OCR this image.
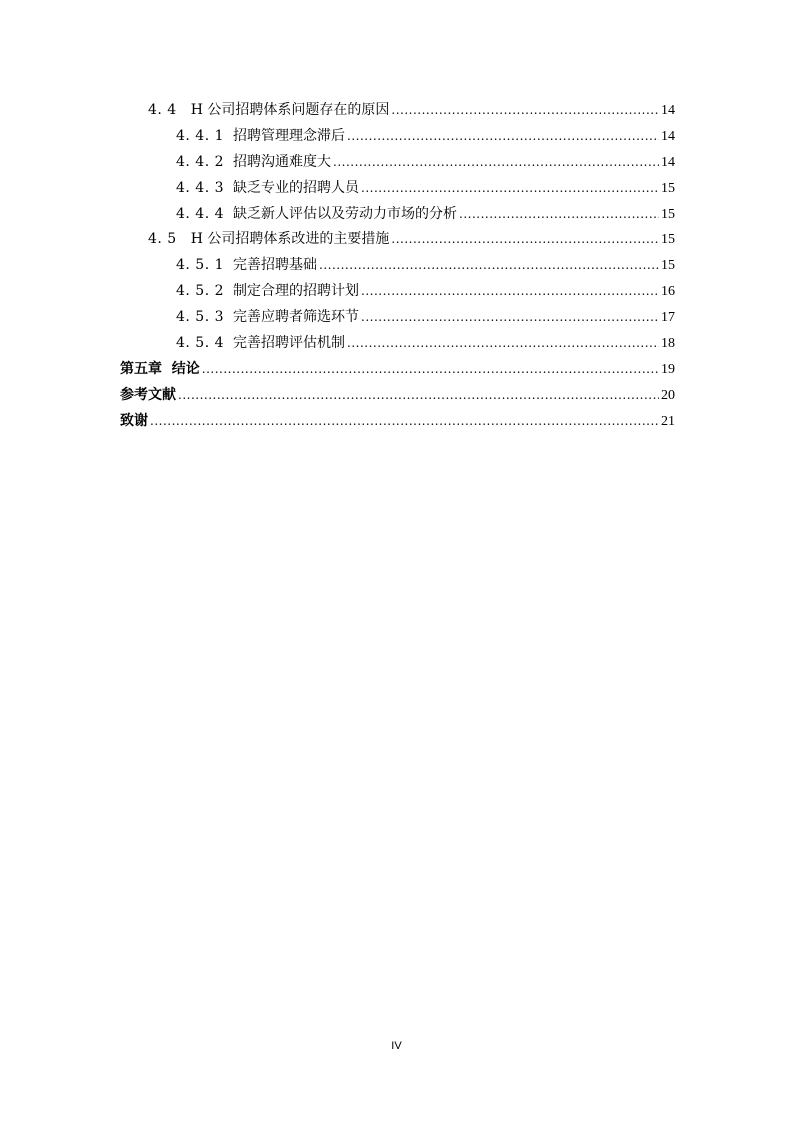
4. 4 H 公司招聘体系问题存在的原因 .....	14
4. 4. 1 招聘管理理念滞后 .....	14
4. 4. 2 招聘沟通难度大 .....	14
4. 4. 3 缺乏专业的招聘人员 .....	15
4. 4. 4 缺乏新人评估以及劳动力市场的分析 .....	15
4. 5 H 公司招聘体系改进的主要措施 .....	15
4. 5. 1 完善招聘基础 .....	15
4. 5. 2 制定合理的招聘计划 .....	16
4. 5. 3 完善应聘者筛选环节 .....	17
4. 5. 4 完善招聘评估机制 .....	18
第五章  结论 .....	19
参考文献 .....	20
致谢 .....	21
IV
